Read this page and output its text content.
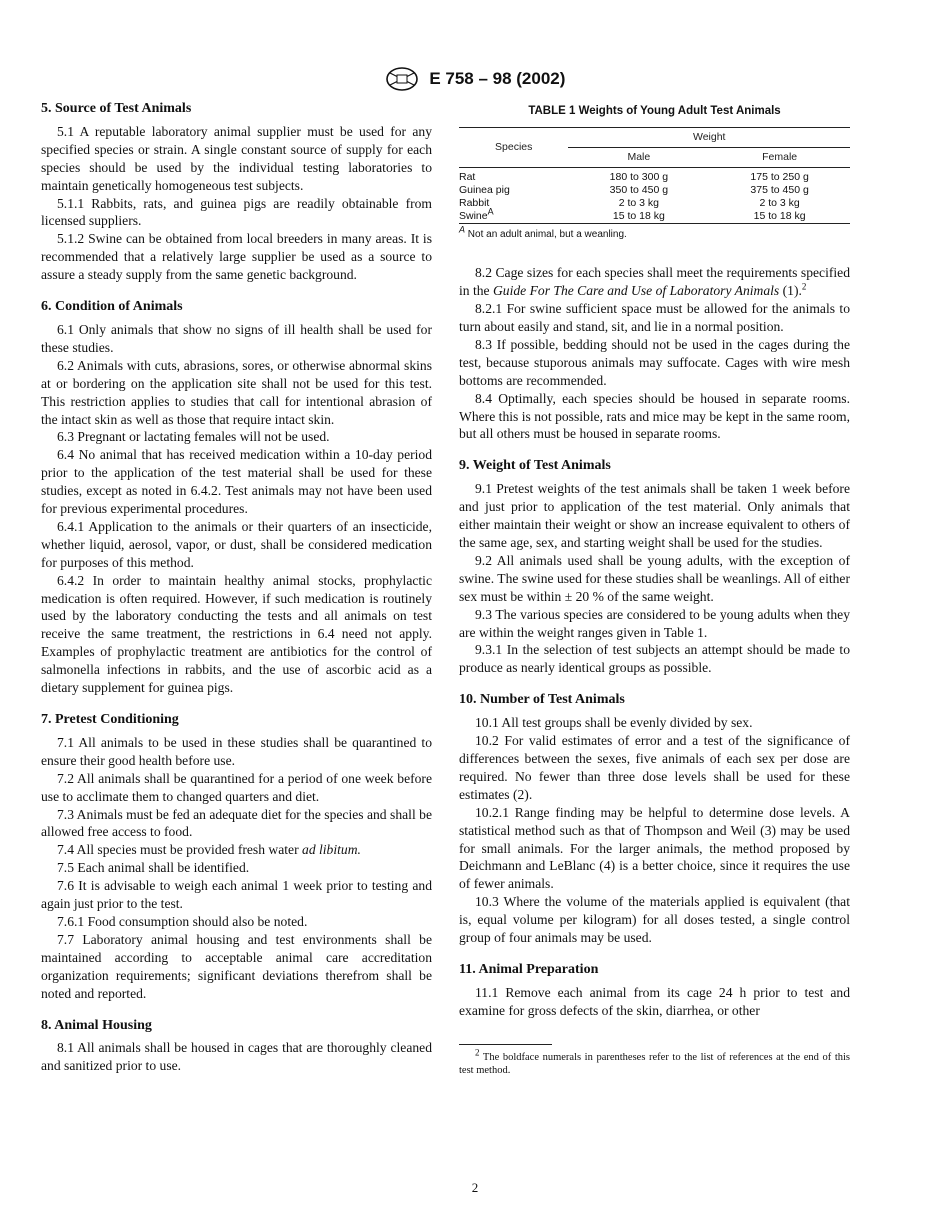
E 758 – 98 (2002)
5. Source of Test Animals

5.1 A reputable laboratory animal supplier must be used for any specified species or strain. A single constant source of supply for each species should be used by the individual testing laboratories to maintain genetically homogeneous test subjects.

5.1.1 Rabbits, rats, and guinea pigs are readily obtainable from licensed suppliers.

5.1.2 Swine can be obtained from local breeders in many areas. It is recommended that a relatively large supplier be used as a source to assure a steady supply from the same genetic background.

6. Condition of Animals

6.1 Only animals that show no signs of ill health shall be used for these studies.

6.2 Animals with cuts, abrasions, sores, or otherwise abnormal skins at or bordering on the application site shall not be used for this test. This restriction applies to studies that call for intentional abrasion of the intact skin as well as those that require intact skin.

6.3 Pregnant or lactating females will not be used.

6.4 No animal that has received medication within a 10-day period prior to the application of the test material shall be used for these studies, except as noted in 6.4.2. Test animals may not have been used for previous experimental procedures.

6.4.1 Application to the animals or their quarters of an insecticide, whether liquid, aerosol, vapor, or dust, shall be considered medication for purposes of this method.

6.4.2 In order to maintain healthy animal stocks, prophylactic medication is often required. However, if such medication is routinely used by the laboratory conducting the tests and all animals on test receive the same treatment, the restrictions in 6.4 need not apply. Examples of prophylactic treatment are antibiotics for the control of salmonella infections in rabbits, and the use of ascorbic acid as a dietary supplement for guinea pigs.

7. Pretest Conditioning

7.1 All animals to be used in these studies shall be quarantined to ensure their good health before use.

7.2 All animals shall be quarantined for a period of one week before use to acclimate them to changed quarters and diet.

7.3 Animals must be fed an adequate diet for the species and shall be allowed free access to food.

7.4 All species must be provided fresh water ad libitum.

7.5 Each animal shall be identified.

7.6 It is advisable to weigh each animal 1 week prior to testing and again just prior to the test.

7.6.1 Food consumption should also be noted.

7.7 Laboratory animal housing and test environments shall be maintained according to acceptable animal care accreditation organization requirements; significant deviations therefrom shall be noted and reported.

8. Animal Housing

8.1 All animals shall be housed in cages that are thoroughly cleaned and sanitized prior to use.

TABLE 1 Weights of Young Adult Test Animals
Species	Weight	
	Male	Female

Rat	180 to 300 g	175 to 250 g
Guinea pig	350 to 450 g	375 to 450 g
Rabbit	2 to 3 kg	2 to 3 kg
Swine$^A$	15 to 18 kg	15 to 18 kg

$^A$ Not an adult animal, but a weanling.

8.2 Cage sizes for each species shall meet the requirements specified in the Guide For The Care and Use of Laboratory Animals (1).$^2$

8.2.1 For swine sufficient space must be allowed for the animals to turn about easily and stand, sit, and lie in a normal position.

8.3 If possible, bedding should not be used in the cages during the test, because stuporous animals may suffocate. Cages with wire mesh bottoms are recommended.

8.4 Optimally, each species should be housed in separate rooms. Where this is not possible, rats and mice may be kept in the same room, but all others must be housed in separate rooms.

9. Weight of Test Animals

9.1 Pretest weights of the test animals shall be taken 1 week before and just prior to application of the test material. Only animals that either maintain their weight or show an increase equivalent to others of the same age, sex, and starting weight shall be used for the studies.

9.2 All animals used shall be young adults, with the exception of swine. The swine used for these studies shall be weanlings. All of either sex must be within ± 20 % of the same weight.

9.3 The various species are considered to be young adults when they are within the weight ranges given in Table 1.

9.3.1 In the selection of test subjects an attempt should be made to produce as nearly identical groups as possible.

10. Number of Test Animals

10.1 All test groups shall be evenly divided by sex.

10.2 For valid estimates of error and a test of the significance of differences between the sexes, five animals of each sex per dose are required. No fewer than three dose levels shall be used for these estimates (2).

10.2.1 Range finding may be helpful to determine dose levels. A statistical method such as that of Thompson and Weil (3) may be used for small animals. For the larger animals, the method proposed by Deichmann and LeBlanc (4) is a better choice, since it requires the use of fewer animals.

10.3 Where the volume of the materials applied is equivalent (that is, equal volume per kilogram) for all doses tested, a single control group of four animals may be used.

11. Animal Preparation

11.1 Remove each animal from its cage 24 h prior to test and examine for gross defects of the skin, diarrhea, or other

$^2$ The boldface numerals in parentheses refer to the list of references at the end of this test method.

2
